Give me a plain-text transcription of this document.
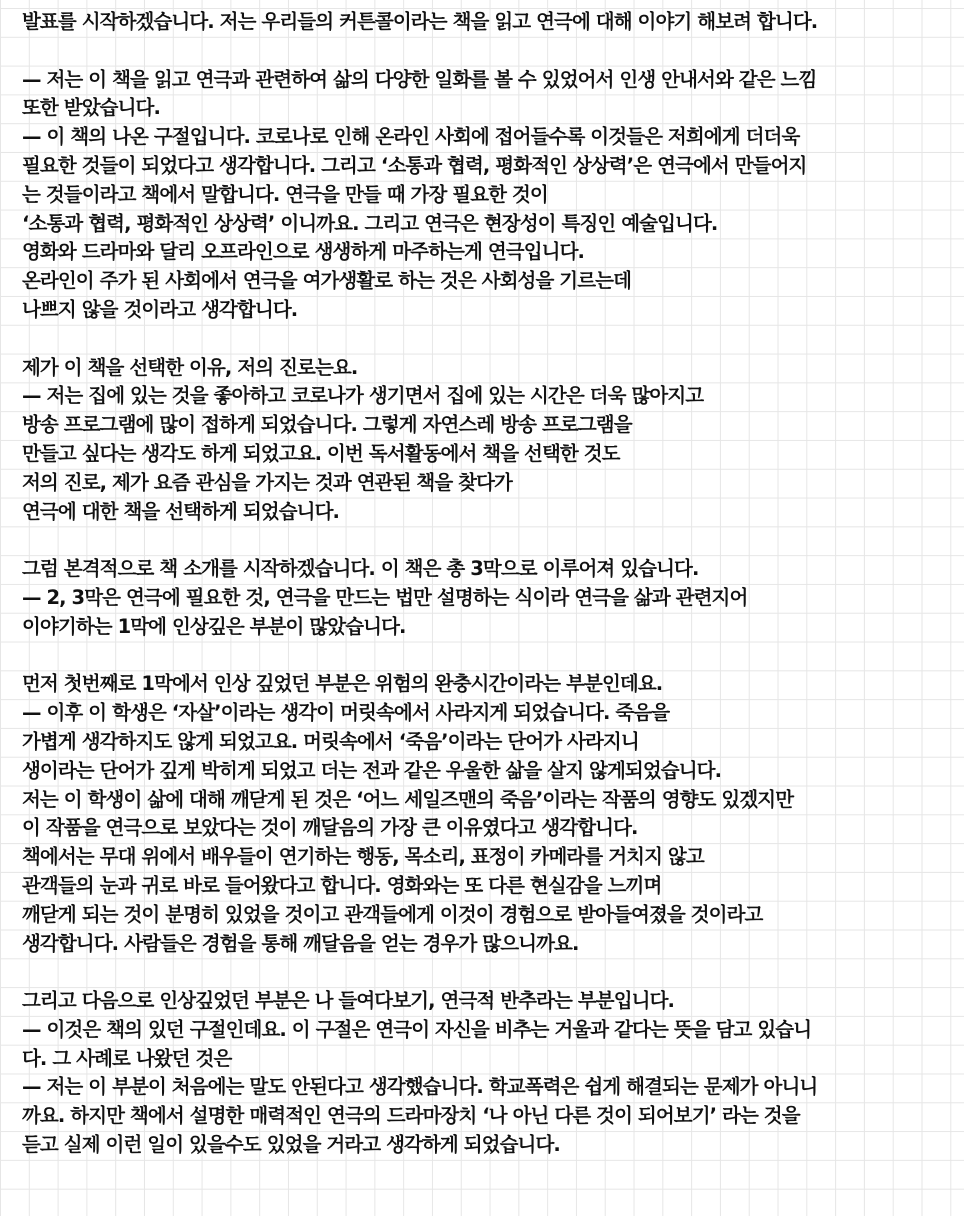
발표를 시작하겠습니다. 저는 우리들의 커튼콜이라는 책을 읽고 연극에 대해 이야기 해보려 합니다.
— 저는 이 책을 읽고 연극과 관련하여 삶의 다양한 일화를 볼 수 있었어서 인생 안내서와 같은 느낌
또한 받았습니다.
— 이 책의 나온 구절입니다. 코로나로 인해 온라인 사회에 접어들수록 이것들은 저희에게 더더욱
필요한 것들이 되었다고 생각합니다. 그리고 ‘소통과 협력, 평화적인 상상력’은 연극에서 만들어지
는 것들이라고 책에서 말합니다. 연극을 만들 때 가장 필요한 것이
‘소통과 협력, 평화적인 상상력’ 이니까요. 그리고 연극은 현장성이 특징인 예술입니다.
영화와 드라마와 달리 오프라인으로 생생하게 마주하는게 연극입니다.
온라인이 주가 된 사회에서 연극을 여가생활로 하는 것은 사회성을 기르는데
나쁘지 않을 것이라고 생각합니다.
제가 이 책을 선택한 이유, 저의 진로는요.
— 저는 집에 있는 것을 좋아하고 코로나가 생기면서 집에 있는 시간은 더욱 많아지고
방송 프로그램에 많이 접하게 되었습니다. 그렇게 자연스레 방송 프로그램을
만들고 싶다는 생각도 하게 되었고요. 이번 독서활동에서 책을 선택한 것도
저의 진로, 제가 요즘 관심을 가지는 것과 연관된 책을 찾다가
연극에 대한 책을 선택하게 되었습니다.
그럼 본격적으로 책 소개를 시작하겠습니다. 이 책은 총 3막으로 이루어져 있습니다.
— 2, 3막은 연극에 필요한 것, 연극을 만드는 법만 설명하는 식이라 연극을 삶과 관련지어
이야기하는 1막에 인상깊은 부분이 많았습니다.
먼저 첫번째로 1막에서 인상 깊었던 부분은 위험의 완충시간이라는 부분인데요.
— 이후 이 학생은 ‘자살’이라는 생각이 머릿속에서 사라지게 되었습니다. 죽음을
가볍게 생각하지도 않게 되었고요. 머릿속에서 ‘죽음’이라는 단어가 사라지니
생이라는 단어가 깊게 박히게 되었고 더는 전과 같은 우울한 삶을 살지 않게되었습니다.
저는 이 학생이 삶에 대해 깨닫게 된 것은 ‘어느 세일즈맨의 죽음’이라는 작품의 영향도 있겠지만
이 작품을 연극으로 보았다는 것이 깨달음의 가장 큰 이유였다고 생각합니다.
책에서는 무대 위에서 배우들이 연기하는 행동, 목소리, 표정이 카메라를 거치지 않고
관객들의 눈과 귀로 바로 들어왔다고 합니다. 영화와는 또 다른 현실감을 느끼며
깨닫게 되는 것이 분명히 있었을 것이고 관객들에게 이것이 경험으로 받아들여졌을 것이라고
생각합니다. 사람들은 경험을 통해 깨달음을 얻는 경우가 많으니까요.
그리고 다음으로 인상깊었던 부분은 나 들여다보기, 연극적 반추라는 부분입니다.
— 이것은 책의 있던 구절인데요. 이 구절은 연극이 자신을 비추는 거울과 같다는 뜻을 담고 있습니
다. 그 사례로 나왔던 것은
— 저는 이 부분이 처음에는 말도 안된다고 생각했습니다. 학교폭력은 쉽게 해결되는 문제가 아니니
까요. 하지만 책에서 설명한 매력적인 연극의 드라마장치 ‘나 아닌 다른 것이 되어보기’ 라는 것을
듣고 실제 이런 일이 있을수도 있었을 거라고 생각하게 되었습니다.
